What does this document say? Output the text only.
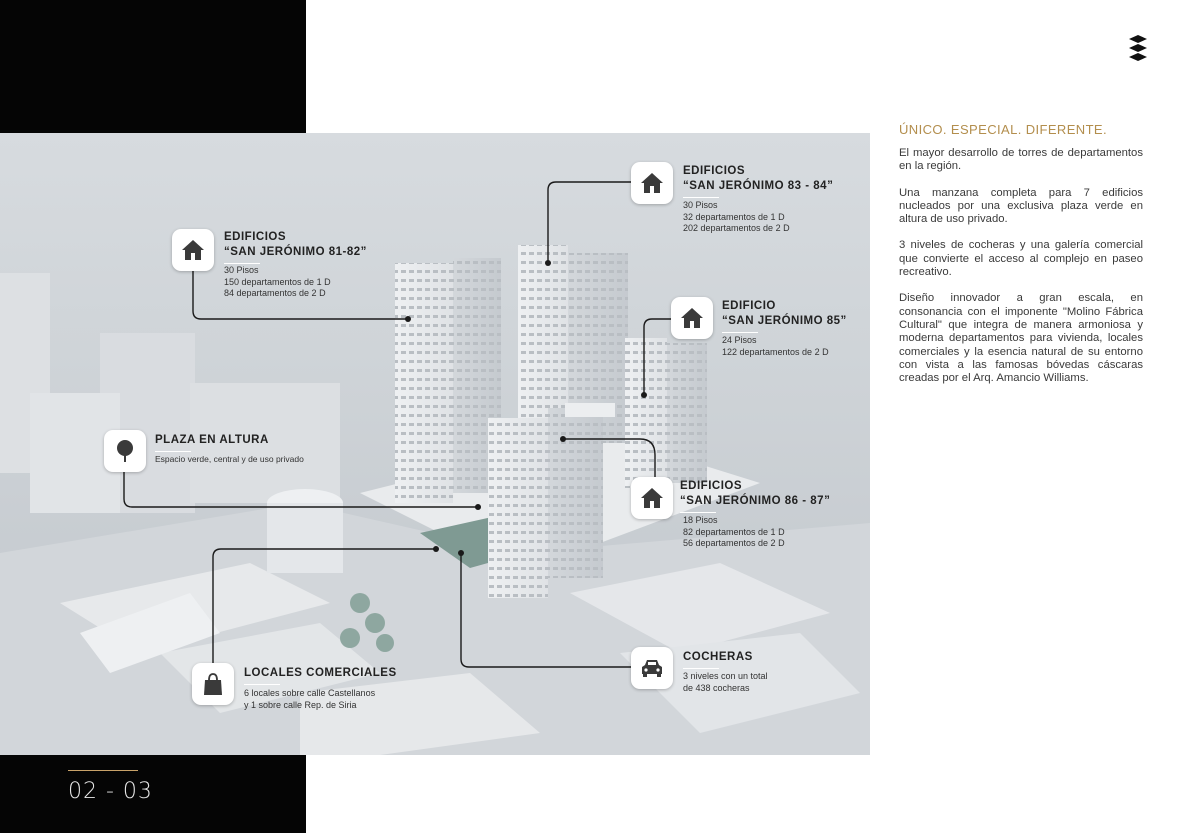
02 - 03
EDIFICIOS
“SAN JERÓNIMO 81-82”
30 Pisos
150 departamentos de 1 D
84 departamentos de 2 D
EDIFICIOS
“SAN JERÓNIMO 83 - 84”
30 Pisos
32 departamentos de 1 D
202 departamentos de 2 D
EDIFICIO
“SAN JERÓNIMO 85”
24 Pisos
122 departamentos de 2 D
EDIFICIOS
“SAN JERÓNIMO 86 - 87”
18 Pisos
82 departamentos de 1 D
56 departamentos de 2 D
PLAZA EN ALTURA
Espacio verde, central y de uso privado
LOCALES COMERCIALES
6 locales sobre calle Castellanos
y 1 sobre calle Rep. de Siria
COCHERAS
3 niveles con un total
de 438 cocheras
ÚNICO. ESPECIAL. DIFERENTE.

El mayor desarrollo de torres de departamentos en la región.

Una manzana completa para 7 edificios nucleados por una exclusiva plaza verde en altura de uso privado.

3 niveles de cocheras y una galería comercial que convierte el acceso al complejo en paseo recreativo.

Diseño innovador a gran escala, en consonancia con el imponente "Molino Fábrica Cultural" que integra de manera armoniosa y moderna departamentos para vivienda, locales comerciales y la esencia natural de su entorno con vista a las famosas bóvedas cáscaras creadas por el Arq. Amancio Williams.
